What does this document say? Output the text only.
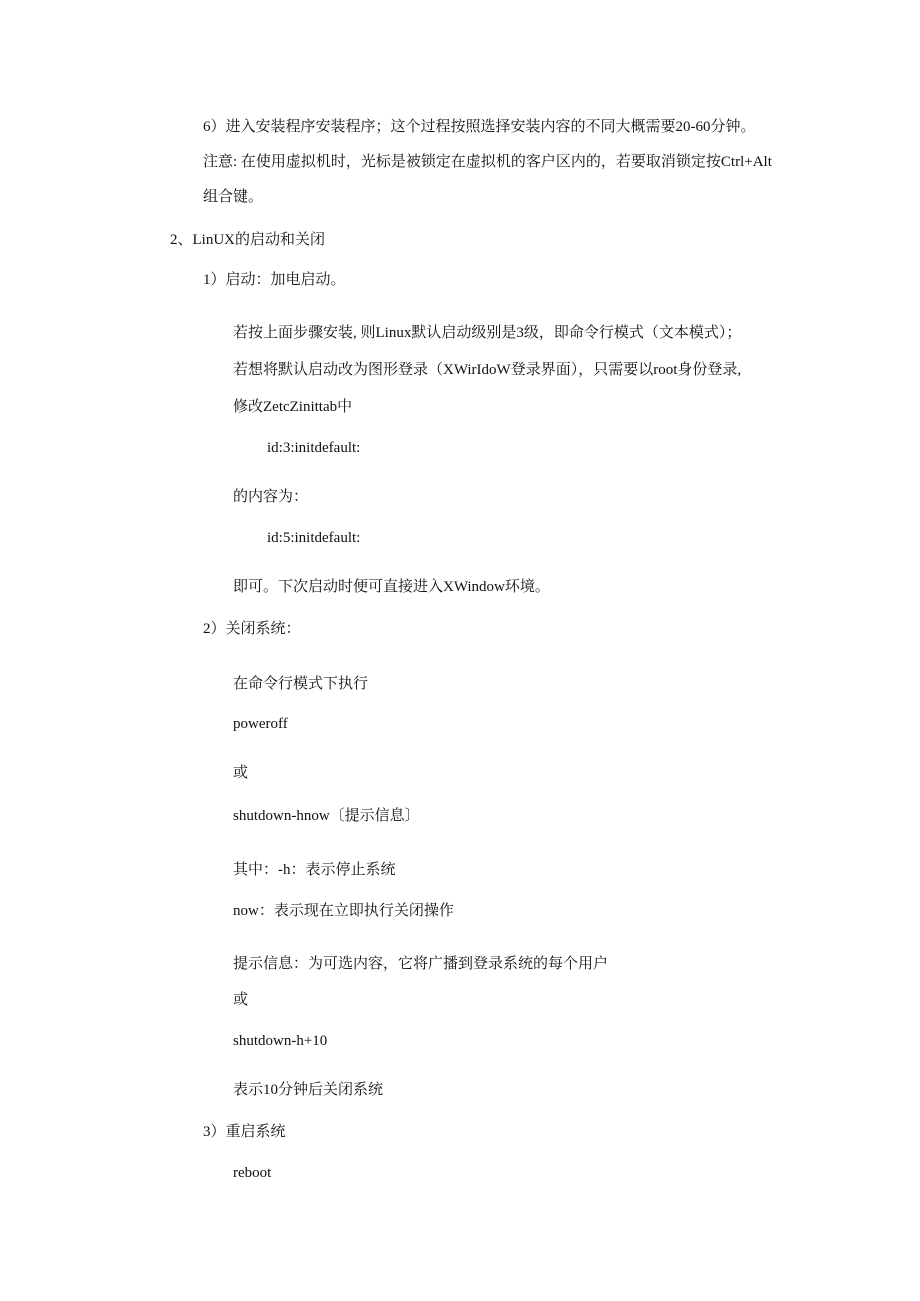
6）进入安装程序安装程序；这个过程按照选择安装内容的不同大概需要20-60分钟。
注意: 在使用虚拟机时，光标是被锁定在虚拟机的客户区内的，若要取消锁定按Ctrl+Alt
组合键。
2、LinUX的启动和关闭
1）启动：加电启动。
若按上面步骤安装, 则Linux默认启动级别是3级，即命令行模式（文本模式）；
若想将默认启动改为图形登录（XWirIdoW登录界面），只需要以root身份登录,
修改ZetcZinittab中
id:3:initdefault:
的内容为：
id:5:initdefault:
即可。下次启动时便可直接进入XWindow环境。
2）关闭系统：
在命令行模式下执行
poweroff
或
shutdown-hnow〔提示信息〕
其中：-h：表示停止系统
now：表示现在立即执行关闭操作
提示信息：为可选内容，它将广播到登录系统的每个用户
或
shutdown-h+10
表示10分钟后关闭系统
3）重启系统
reboot
